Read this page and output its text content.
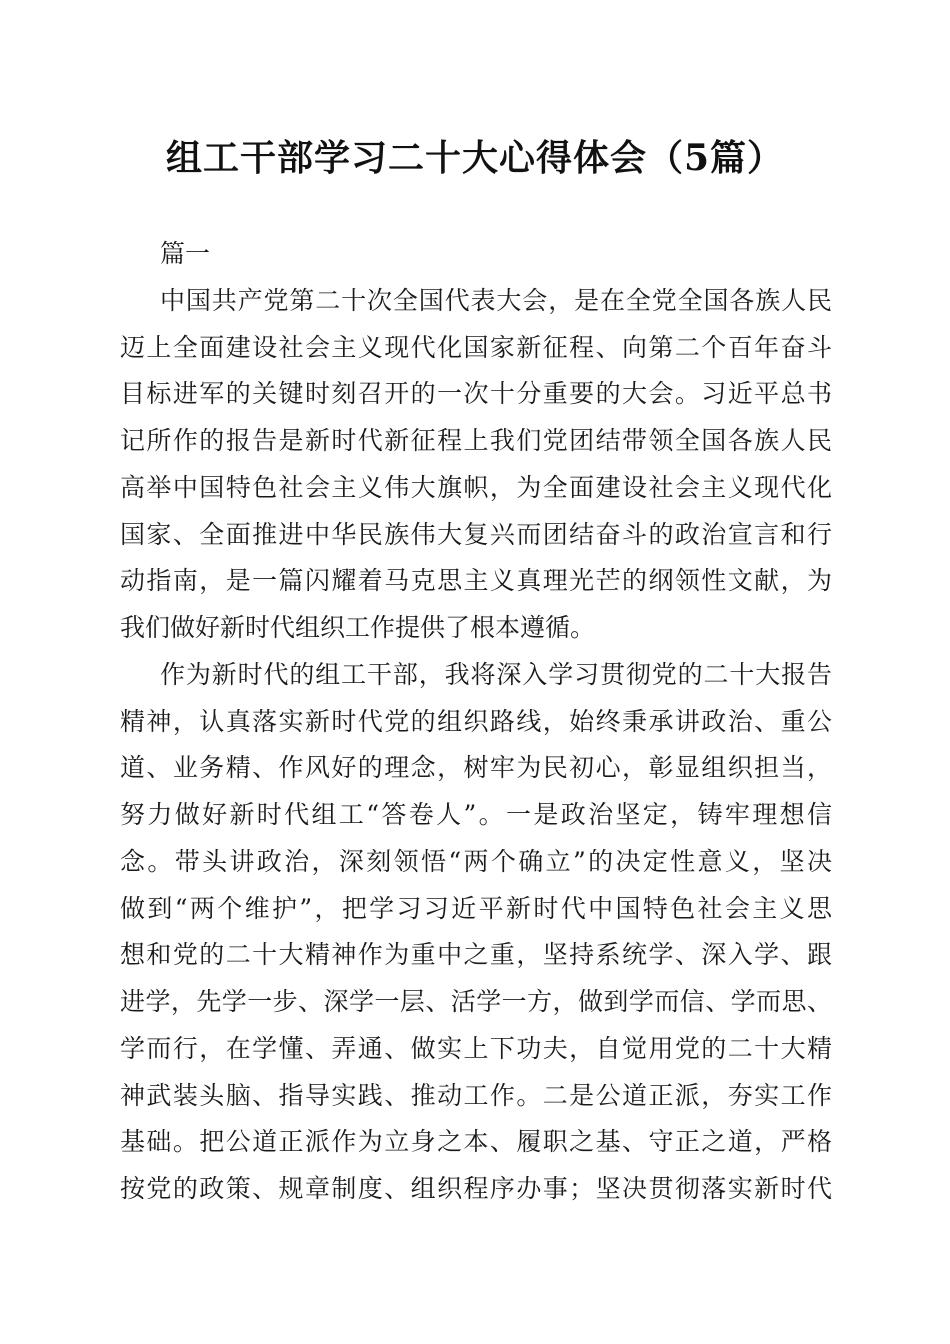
组工干部学习二十大心得体会（5篇）
篇一
中国共产党第二十次全国代表大会，是在全党全国各族人民
迈上全面建设社会主义现代化国家新征程、向第二个百年奋斗
目标进军的关键时刻召开的一次十分重要的大会。习近平总书
记所作的报告是新时代新征程上我们党团结带领全国各族人民
高举中国特色社会主义伟大旗帜，为全面建设社会主义现代化
国家、全面推进中华民族伟大复兴而团结奋斗的政治宣言和行
动指南，是一篇闪耀着马克思主义真理光芒的纲领性文献，为
我们做好新时代组织工作提供了根本遵循。
作为新时代的组工干部，我将深入学习贯彻党的二十大报告
精神，认真落实新时代党的组织路线，始终秉承讲政治、重公
道、业务精、作风好的理念，树牢为民初心，彰显组织担当，
努力做好新时代组工“答卷人”。一是政治坚定，铸牢理想信
念。带头讲政治，深刻领悟“两个确立”的决定性意义，坚决
做到“两个维护”，把学习习近平新时代中国特色社会主义思
想和党的二十大精神作为重中之重，坚持系统学、深入学、跟
进学，先学一步、深学一层、活学一方，做到学而信、学而思、
学而行，在学懂、弄通、做实上下功夫，自觉用党的二十大精
神武装头脑、指导实践、推动工作。二是公道正派，夯实工作
基础。把公道正派作为立身之本、履职之基、守正之道，严格
按党的政策、规章制度、组织程序办事；坚决贯彻落实新时代
